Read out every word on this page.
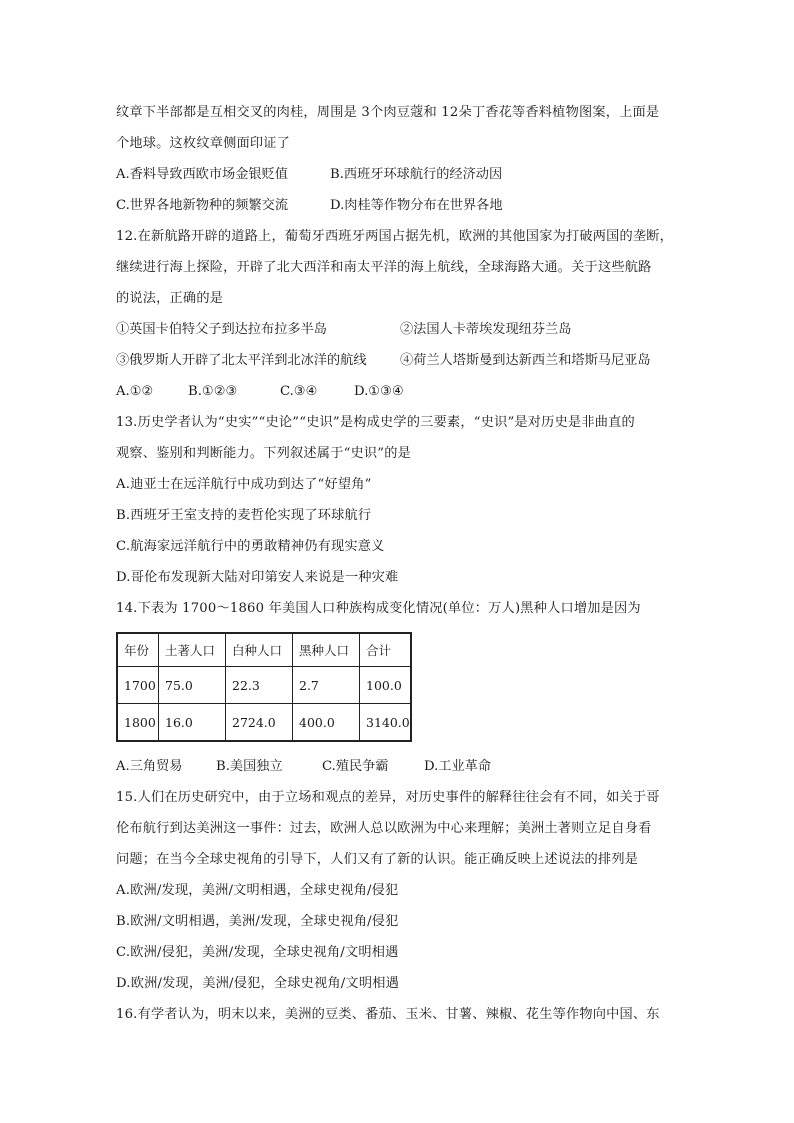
纹章下半部都是互相交叉的肉桂，周围是 3个肉豆蔻和 12朵丁香花等香料植物图案，上面是
个地球。这枚纹章侧面印证了
A.香料导致西欧市场金银贬值	B.西班牙环球航行的经济动因
C.世界各地新物种的频繁交流	D.肉桂等作物分布在世界各地
12.在新航路开辟的道路上，葡萄牙西班牙两国占据先机，欧洲的其他国家为打破两国的垄断，
继续进行海上探险，开辟了北大西洋和南太平洋的海上航线，全球海路大通。关于这些航路
的说法，正确的是
①英国卡伯特父子到达拉布拉多半岛	②法国人卡蒂埃发现纽芬兰岛
③俄罗斯人开辟了北太平洋到北冰洋的航线	④荷兰人塔斯曼到达新西兰和塔斯马尼亚岛
A.①②	B.①②③	C.③④	D.①③④
13.历史学者认为“史实”“史论”“史识”是构成史学的三要素，“史识”是对历史是非曲直的
观察、鉴别和判断能力。下列叙述属于“史识”的是
A.迪亚士在远洋航行中成功到达了“好望角”
B.西班牙王室支持的麦哲伦实现了环球航行
C.航海家远洋航行中的勇敢精神仍有现实意义
D.哥伦布发现新大陆对印第安人来说是一种灾难
14.下表为 1700～1860 年美国人口种族构成变化情况(单位：万人)黑种人口增加是因为
年份	土著人口	白种人口	黑种人口	合计
1700	75.0	22.3	2.7	100.0
1800	16.0	2724.0	400.0	3140.0
A.三角贸易	B.美国独立	C.殖民争霸	D.工业革命
15.人们在历史研究中，由于立场和观点的差异，对历史事件的解释往往会有不同，如关于哥
伦布航行到达美洲这一事件：过去，欧洲人总以欧洲为中心来理解；美洲土著则立足自身看
问题；在当今全球史视角的引导下，人们又有了新的认识。能正确反映上述说法的排列是
A.欧洲/发现，美洲/文明相遇，全球史视角/侵犯
B.欧洲/文明相遇，美洲/发现，全球史视角/侵犯
C.欧洲/侵犯，美洲/发现，全球史视角/文明相遇
D.欧洲/发现，美洲/侵犯，全球史视角/文明相遇
16.有学者认为，明末以来，美洲的豆类、番茄、玉米、甘薯、辣椒、花生等作物向中国、东
